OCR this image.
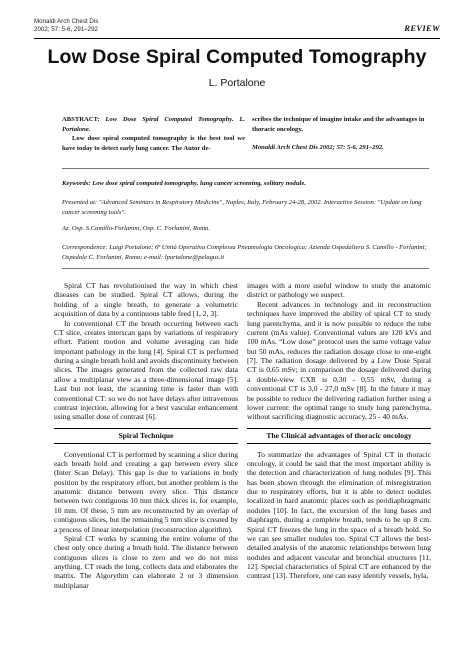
Monaldi Arch Chest Dis
2002; 57: 5-6, 291–292	REVIEW
Low Dose Spiral Computed Tomography
L. Portalone

ABSTRACT: Low Dose Spiral Computed Tomography. L. Portalone.

Low dose spiral computed tomography is the best tool we have today to detect early lung cancer. The Autor de-

scribes the technique of imagine intake and the advantages in thoracic oncology.

Monaldi Arch Chest Dis 2002; 57: 5-6, 291–292.

Keywords: Low dose spiral computed tomography, lung cancer screening, solitary nodule.
Presented at: "Advanced Seminars in Respiratory Medicine", Naples, Italy, February 24-28, 2002. Interactive Session: "Update on lung cancer screening tools".
Az. Osp. S.Camillo-Forlanini, Osp. C. Forlanini, Roma.
Correspondence: Luigi Portalone; 6ª Unità Operativa Complessa Pneumologia Oncologica; Azienda Ospedaliera S. Camillo - Forlanini; Ospedale C. Forlanini, Roma; e-mail: lportalone@pelagus.it

Spiral CT has revolutionised the way in which chest diseases can be studied. Spiral CT allows, during the holding of a single breath, to generate a volumetric acquisition of data by a continuous table feed [1, 2, 3].

In conventional CT the breath occurring between each CT slice, creates interscan gaps by variations of respiratory effort. Patient motion and volume averaging can hide important pathology in the lung [4]. Spiral CT is performed during a single breath hold and avoids discontinuity between slices. The images generated from the collected raw data allow a multiplanar view as a three-dimensional image [5]. Last but not least, the scanning time is faster than with conventional CT: so we do not have delays after intravenous contrast injection, allowing for a best vascular enhancement using smaller dose of contrast [6].

Spiral Technique

Conventional CT is performed by scanning a slice during each breath hold and creating a gap between every slice (Inter Scan Delay). This gap is due to variations in body position by the respiratory effort, but another problem is the anatomic distance between every slice. This distance between two contiguous 10 mm thick slices is, for example, 10 mm. Of these, 5 mm are reconstructed by an overlap of contiguous slices, but the remaining 5 mm slice is created by a process of linear interpolation (reconstruction algorithm).

Spiral CT works by scanning the entire volume of the chest only once during a breath hold. The distance between contiguous slices is close to zero and we do not miss anything. CT reads the lung, collects data and elaborates the matrix. The Algorythm can elaborate 2 or 3 dimension multiplanar

images with a more useful window to study the anatomic district or pathology we suspect.

Recent advances in technology and in reconstruction techniques have improved the ability of spiral CT to study lung parenchyma, and it is now possible to reduce the tube current (mAs value). Conventional values are 120 kVs and 100 mAs. “Low dose” protocol uses the same voltage value but 50 mAs, reduces the radiation dosage close to one-eight [7]. The radiation dosage delivered by a Low Dose Spiral CT is 0,65 mSv; in comparison the dosage delivered during a double-view CXR is 0,30 - 0,55 mSv, during a conventional CT is 3,0 - 27,0 mSv [8]. In the future it may be possible to reduce the delivering radiation further using a lower current: the optimal range to study lung parenchyma, without sacrificing diagnostic accuracy, 25 - 40 mAs.

The Clinical advantages of thoracic oncology

To summarize the advantages of Spiral CT in thoracic oncology, it could be said that the most important ability is the detection and characterization of lung nodules [9]. This has been shown through the elimination of misregistration due to respiratory efforts, but it is able to detect nodules localized in hard anatomic places such as peridiaphragmatic nodules [10]. In fact, the excursion of the lung bases and diaphragm, during a complete breath, tends to be up 8 cm. Spiral CT freezes the lung in the space of a breath hold. So we can see smaller nodules too. Spiral CT allows the best-detailed analysis of the anatomic relationships between lung nodules and adjacent vascular and bronchial structures [11, 12]. Special characteristics of Spiral CT are enhanced by the contrast [13]. Therefore, one can easy identify vessels, hyla,
